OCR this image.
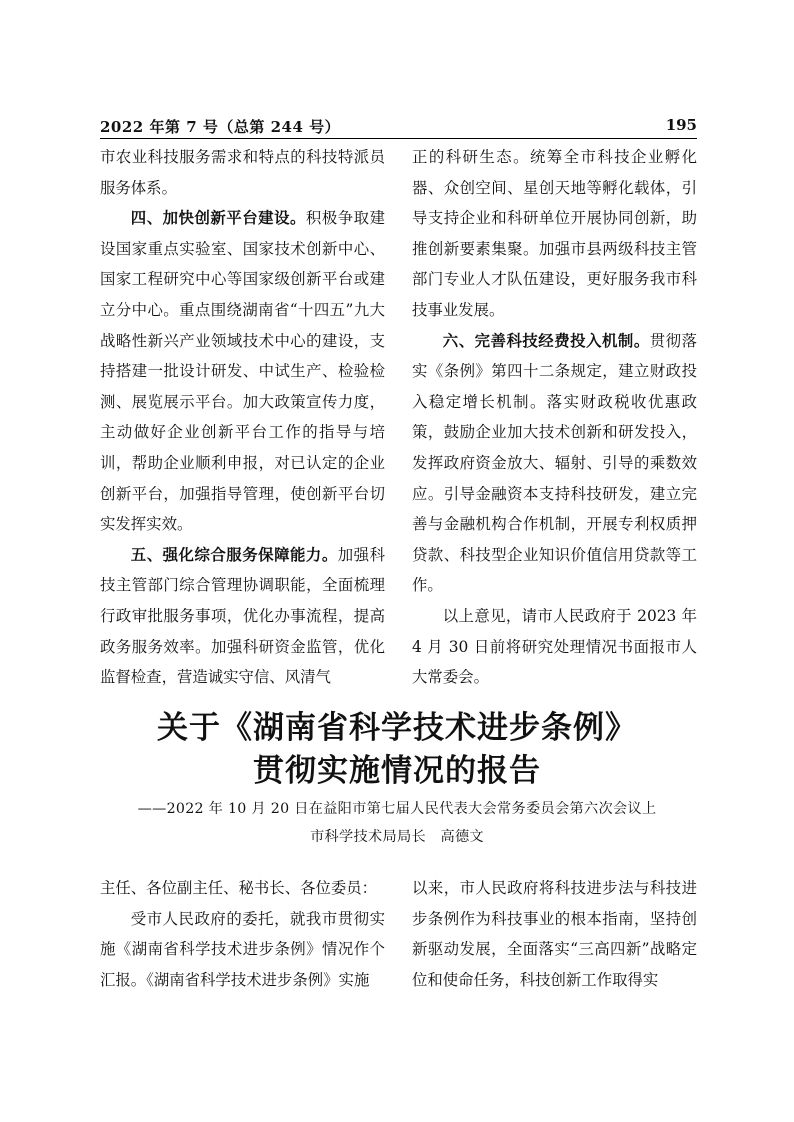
2022 年第 7 号（总第 244 号）	195

市农业科技服务需求和特点的科技特派员服务体系。

四、加快创新平台建设。积极争取建设国家重点实验室、国家技术创新中心、国家工程研究中心等国家级创新平台或建立分中心。重点围绕湖南省“十四五”九大战略性新兴产业领域技术中心的建设，支持搭建一批设计研发、中试生产、检验检测、展览展示平台。加大政策宣传力度，主动做好企业创新平台工作的指导与培训，帮助企业顺利申报，对已认定的企业创新平台，加强指导管理，使创新平台切实发挥实效。

五、强化综合服务保障能力。加强科技主管部门综合管理协调职能，全面梳理行政审批服务事项，优化办事流程，提高政务服务效率。加强科研资金监管，优化监督检查，营造诚实守信、风清气

正的科研生态。统筹全市科技企业孵化器、众创空间、星创天地等孵化载体，引导支持企业和科研单位开展协同创新，助推创新要素集聚。加强市县两级科技主管部门专业人才队伍建设，更好服务我市科技事业发展。

六、完善科技经费投入机制。贯彻落实《条例》第四十二条规定，建立财政投入稳定增长机制。落实财政税收优惠政策，鼓励企业加大技术创新和研发投入，发挥政府资金放大、辐射、引导的乘数效应。引导金融资本支持科技研发，建立完善与金融机构合作机制，开展专利权质押贷款、科技型企业知识价值信用贷款等工作。

以上意见，请市人民政府于 2023 年 4 月 30 日前将研究处理情况书面报市人大常委会。

关于《湖南省科学技术进步条例》
贯彻实施情况的报告
——2022 年 10 月 20 日在益阳市第七届人民代表大会常务委员会第六次会议上
市科学技术局局长　高德文

主任、各位副主任、秘书长、各位委员：

受市人民政府的委托，就我市贯彻实施《湖南省科学技术进步条例》情况作个汇报。《湖南省科学技术进步条例》实施

以来，市人民政府将科技进步法与科技进步条例作为科技事业的根本指南，坚持创新驱动发展，全面落实“三高四新”战略定位和使命任务，科技创新工作取得实
